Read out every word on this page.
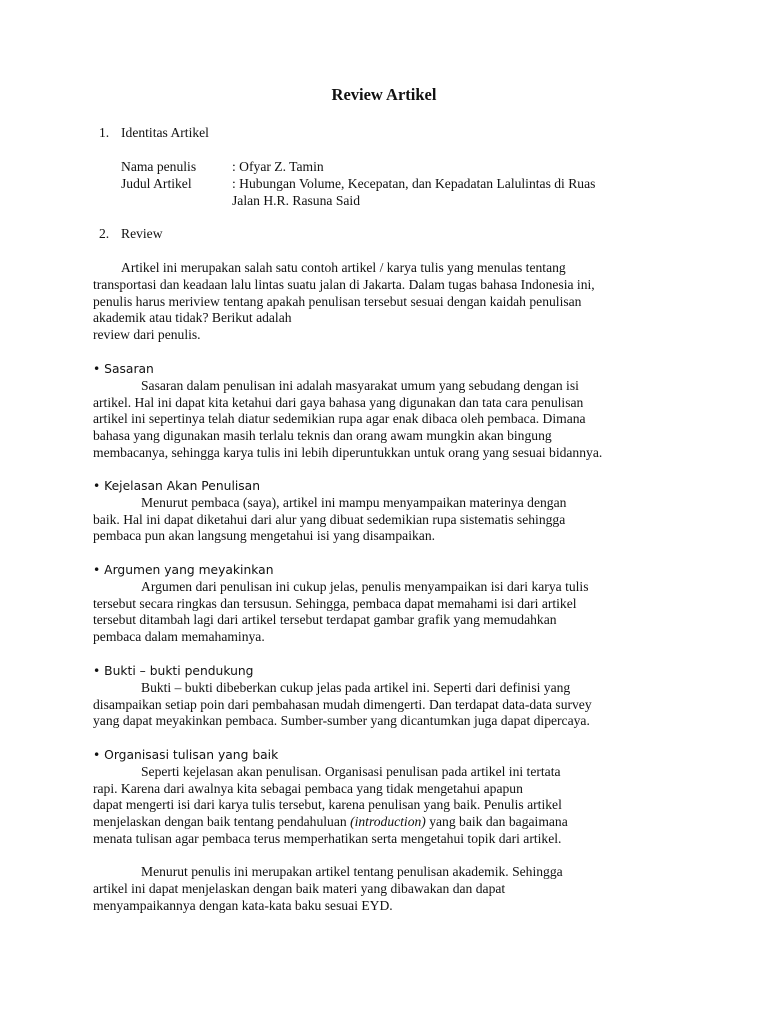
Review Artikel
1. Identitas Artikel
Nama penulis	: Ofyar Z. Tamin
Judul Artikel	: Hubungan Volume, Kecepatan, dan Kepadatan Lalulintas di Ruas
Jalan H.R. Rasuna Said
2. Review
Artikel ini merupakan salah satu contoh artikel / karya tulis yang menulas tentang
transportasi dan keadaan lalu lintas suatu jalan di Jakarta. Dalam tugas bahasa Indonesia ini,
penulis harus meriview tentang apakah penulisan tersebut sesuai dengan kaidah penulisan
akademik atau tidak? Berikut adalah
review dari penulis.
• Sasaran
Sasaran dalam penulisan ini adalah masyarakat umum yang sebudang dengan isi
artikel. Hal ini dapat kita ketahui dari gaya bahasa yang digunakan dan tata cara penulisan
artikel ini sepertinya telah diatur sedemikian rupa agar enak dibaca oleh pembaca. Dimana
bahasa yang digunakan masih terlalu teknis dan orang awam mungkin akan bingung
membacanya, sehingga karya tulis ini lebih diperuntukkan untuk orang yang sesuai bidannya.
• Kejelasan Akan Penulisan
Menurut pembaca (saya), artikel ini mampu menyampaikan materinya dengan
baik. Hal ini dapat diketahui dari alur yang dibuat sedemikian rupa sistematis sehingga
pembaca pun akan langsung mengetahui isi yang disampaikan.
• Argumen yang meyakinkan
Argumen dari penulisan ini cukup jelas, penulis menyampaikan isi dari karya tulis
tersebut secara ringkas dan tersusun. Sehingga, pembaca dapat memahami isi dari artikel
tersebut ditambah lagi dari artikel tersebut terdapat gambar grafik yang memudahkan
pembaca dalam memahaminya.
• Bukti – bukti pendukung
Bukti – bukti dibeberkan cukup jelas pada artikel ini. Seperti dari definisi yang
disampaikan setiap poin dari pembahasan mudah dimengerti. Dan terdapat data-data survey
yang dapat meyakinkan pembaca. Sumber-sumber yang dicantumkan juga dapat dipercaya.
• Organisasi tulisan yang baik
Seperti kejelasan akan penulisan. Organisasi penulisan pada artikel ini tertata
rapi. Karena dari awalnya kita sebagai pembaca yang tidak mengetahui apapun
dapat mengerti isi dari karya tulis tersebut, karena penulisan yang baik. Penulis artikel
menjelaskan dengan baik tentang pendahuluan (introduction) yang baik dan bagaimana
menata tulisan agar pembaca terus memperhatikan serta mengetahui topik dari artikel.
Menurut penulis ini merupakan artikel tentang penulisan akademik. Sehingga
artikel ini dapat menjelaskan dengan baik materi yang dibawakan dan dapat
menyampaikannya dengan kata-kata baku sesuai EYD.
